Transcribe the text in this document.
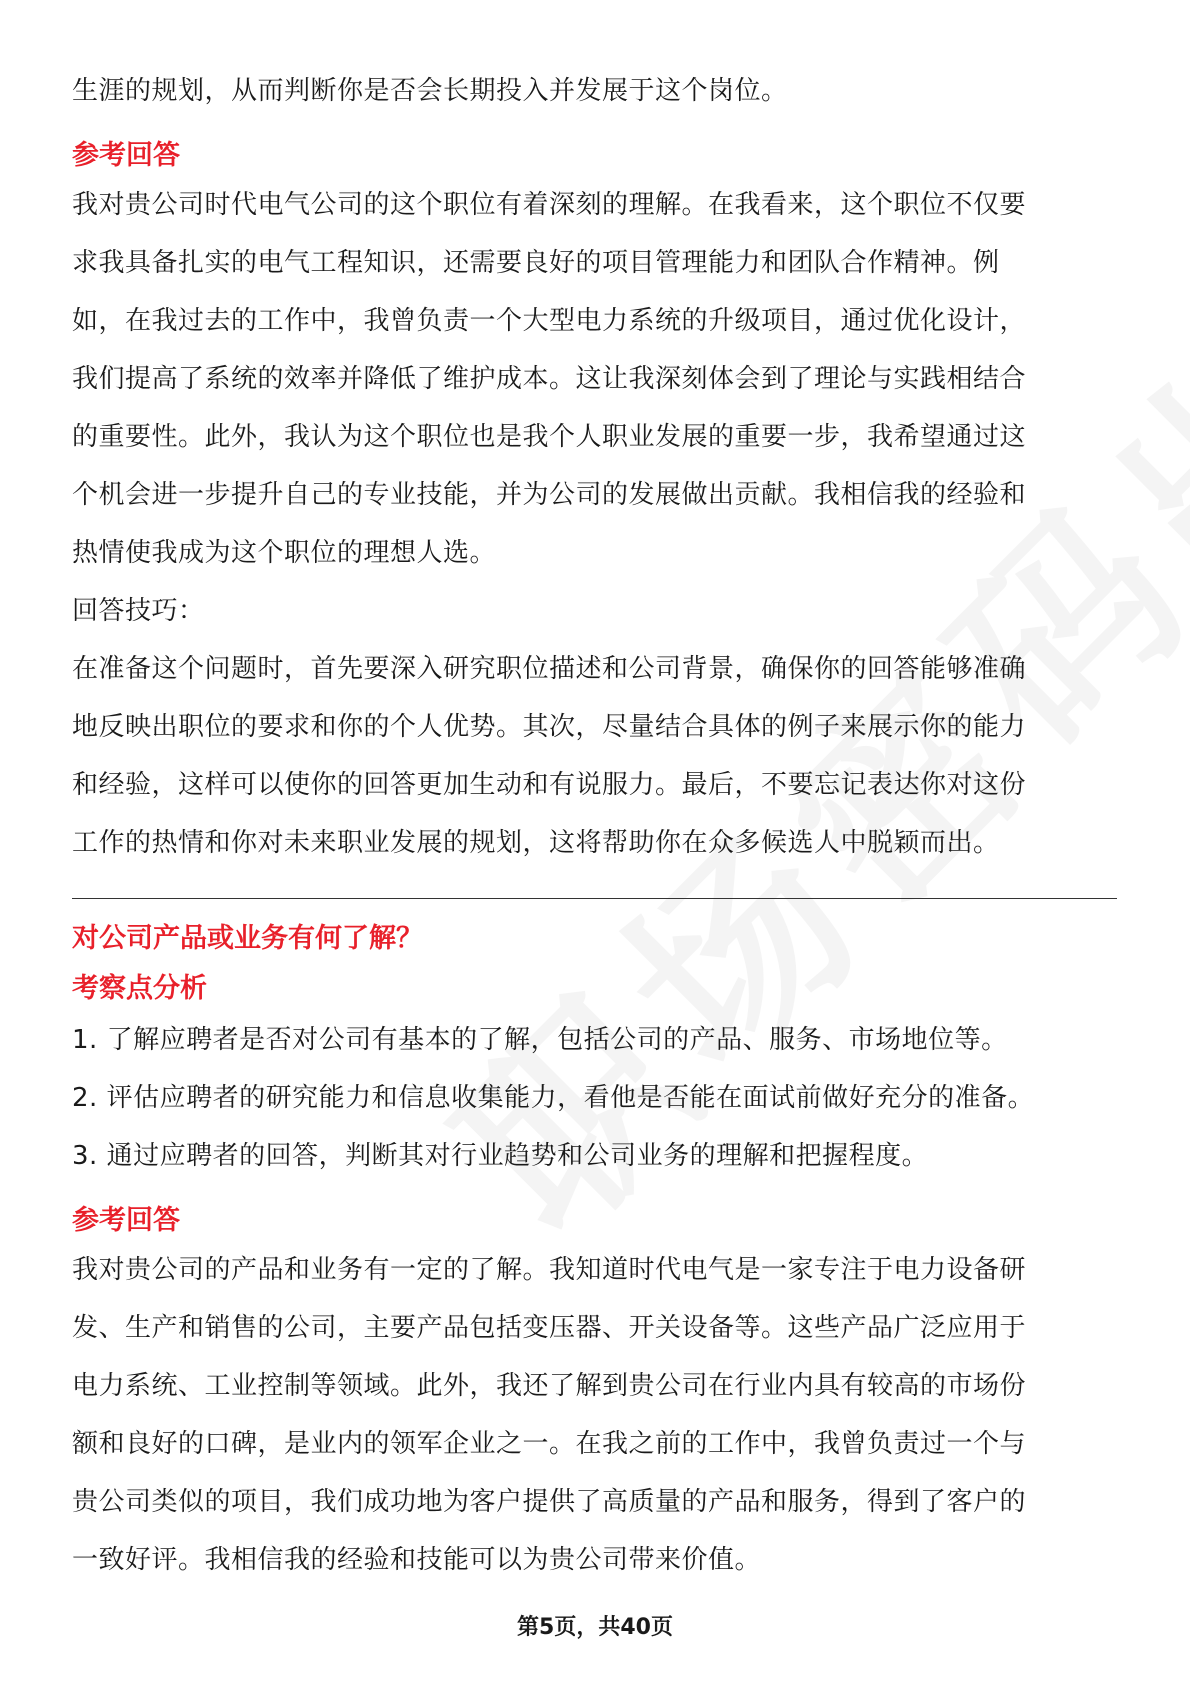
生涯的规划，从而判断你是否会长期投入并发展于这个岗位。

参考回答

我对贵公司时代电气公司的这个职位有着深刻的理解。在我看来，这个职位不仅要

求我具备扎实的电气工程知识，还需要良好的项目管理能力和团队合作精神。例

如，在我过去的工作中，我曾负责一个大型电力系统的升级项目，通过优化设计，

我们提高了系统的效率并降低了维护成本。这让我深刻体会到了理论与实践相结合

的重要性。此外，我认为这个职位也是我个人职业发展的重要一步，我希望通过这

个机会进一步提升自己的专业技能，并为公司的发展做出贡献。我相信我的经验和

热情使我成为这个职位的理想人选。

回答技巧：

在准备这个问题时，首先要深入研究职位描述和公司背景，确保你的回答能够准确

地反映出职位的要求和你的个人优势。其次，尽量结合具体的例子来展示你的能力

和经验，这样可以使你的回答更加生动和有说服力。最后，不要忘记表达你对这份

工作的热情和你对未来职业发展的规划，这将帮助你在众多候选人中脱颖而出。

对公司产品或业务有何了解？

考察点分析

1. 了解应聘者是否对公司有基本的了解，包括公司的产品、服务、市场地位等。

2. 评估应聘者的研究能力和信息收集能力，看他是否能在面试前做好充分的准备。

3. 通过应聘者的回答，判断其对行业趋势和公司业务的理解和把握程度。

参考回答

我对贵公司的产品和业务有一定的了解。我知道时代电气是一家专注于电力设备研

发、生产和销售的公司，主要产品包括变压器、开关设备等。这些产品广泛应用于

电力系统、工业控制等领域。此外，我还了解到贵公司在行业内具有较高的市场份

额和良好的口碑，是业内的领军企业之一。在我之前的工作中，我曾负责过一个与

贵公司类似的项目，我们成功地为客户提供了高质量的产品和服务，得到了客户的

一致好评。我相信我的经验和技能可以为贵公司带来价值。

第5页，共40页
